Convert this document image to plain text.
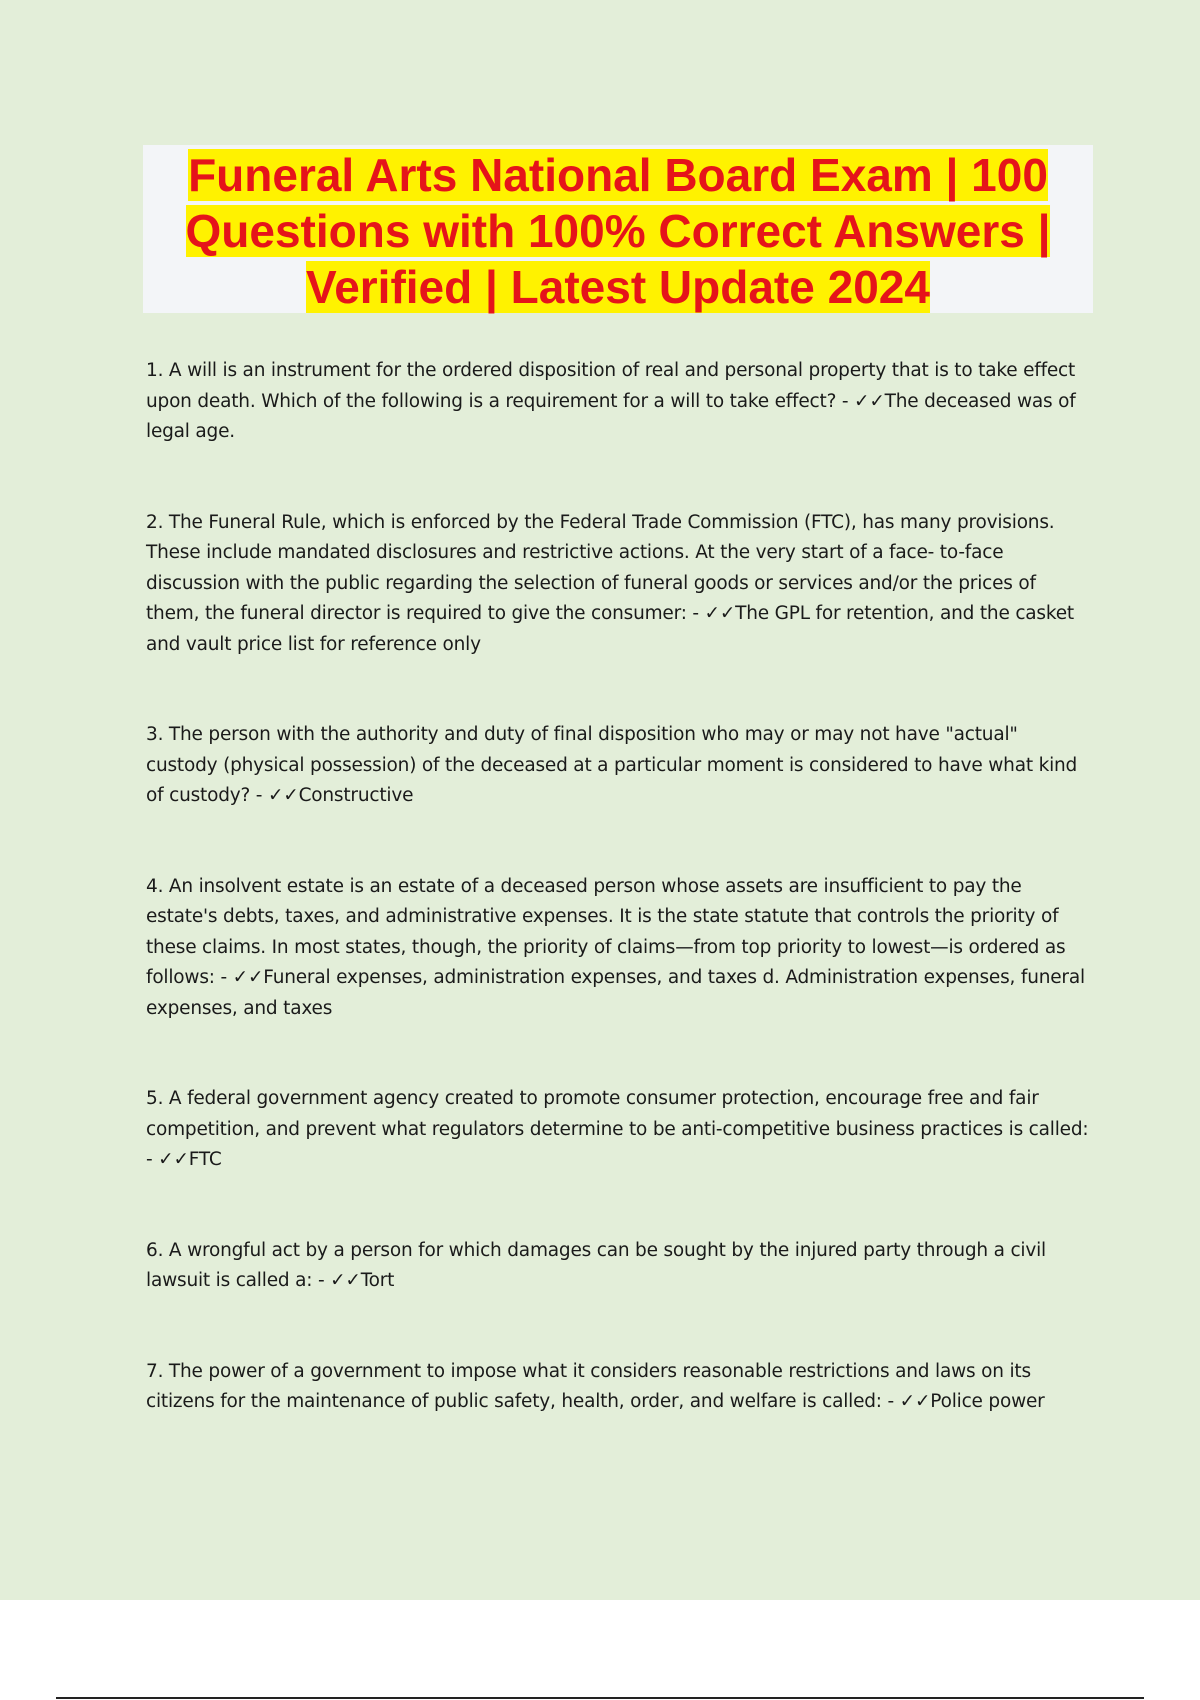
Funeral Arts National Board Exam | 100 Questions with 100% Correct Answers | Verified | Latest Update 2024

1. A will is an instrument for the ordered disposition of real and personal property that is to take effect upon death. Which of the following is a requirement for a will to take effect? - ✓✓The deceased was of legal age.

2. The Funeral Rule, which is enforced by the Federal Trade Commission (FTC), has many provisions. These include mandated disclosures and restrictive actions. At the very start of a face- to-face discussion with the public regarding the selection of funeral goods or services and/or the prices of them, the funeral director is required to give the consumer: - ✓✓The GPL for retention, and the casket and vault price list for reference only

3. The person with the authority and duty of final disposition who may or may not have "actual" custody (physical possession) of the deceased at a particular moment is considered to have what kind of custody? - ✓✓Constructive

4. An insolvent estate is an estate of a deceased person whose assets are insufficient to pay the estate's debts, taxes, and administrative expenses. It is the state statute that controls the priority of these claims. In most states, though, the priority of claims—from top priority to lowest—is ordered as follows: - ✓✓Funeral expenses, administration expenses, and taxes d. Administration expenses, funeral expenses, and taxes

5. A federal government agency created to promote consumer protection, encourage free and fair competition, and prevent what regulators determine to be anti-competitive business practices is called: - ✓✓FTC

6. A wrongful act by a person for which damages can be sought by the injured party through a civil lawsuit is called a: - ✓✓Tort

7. The power of a government to impose what it considers reasonable restrictions and laws on its citizens for the maintenance of public safety, health, order, and welfare is called: - ✓✓Police power
